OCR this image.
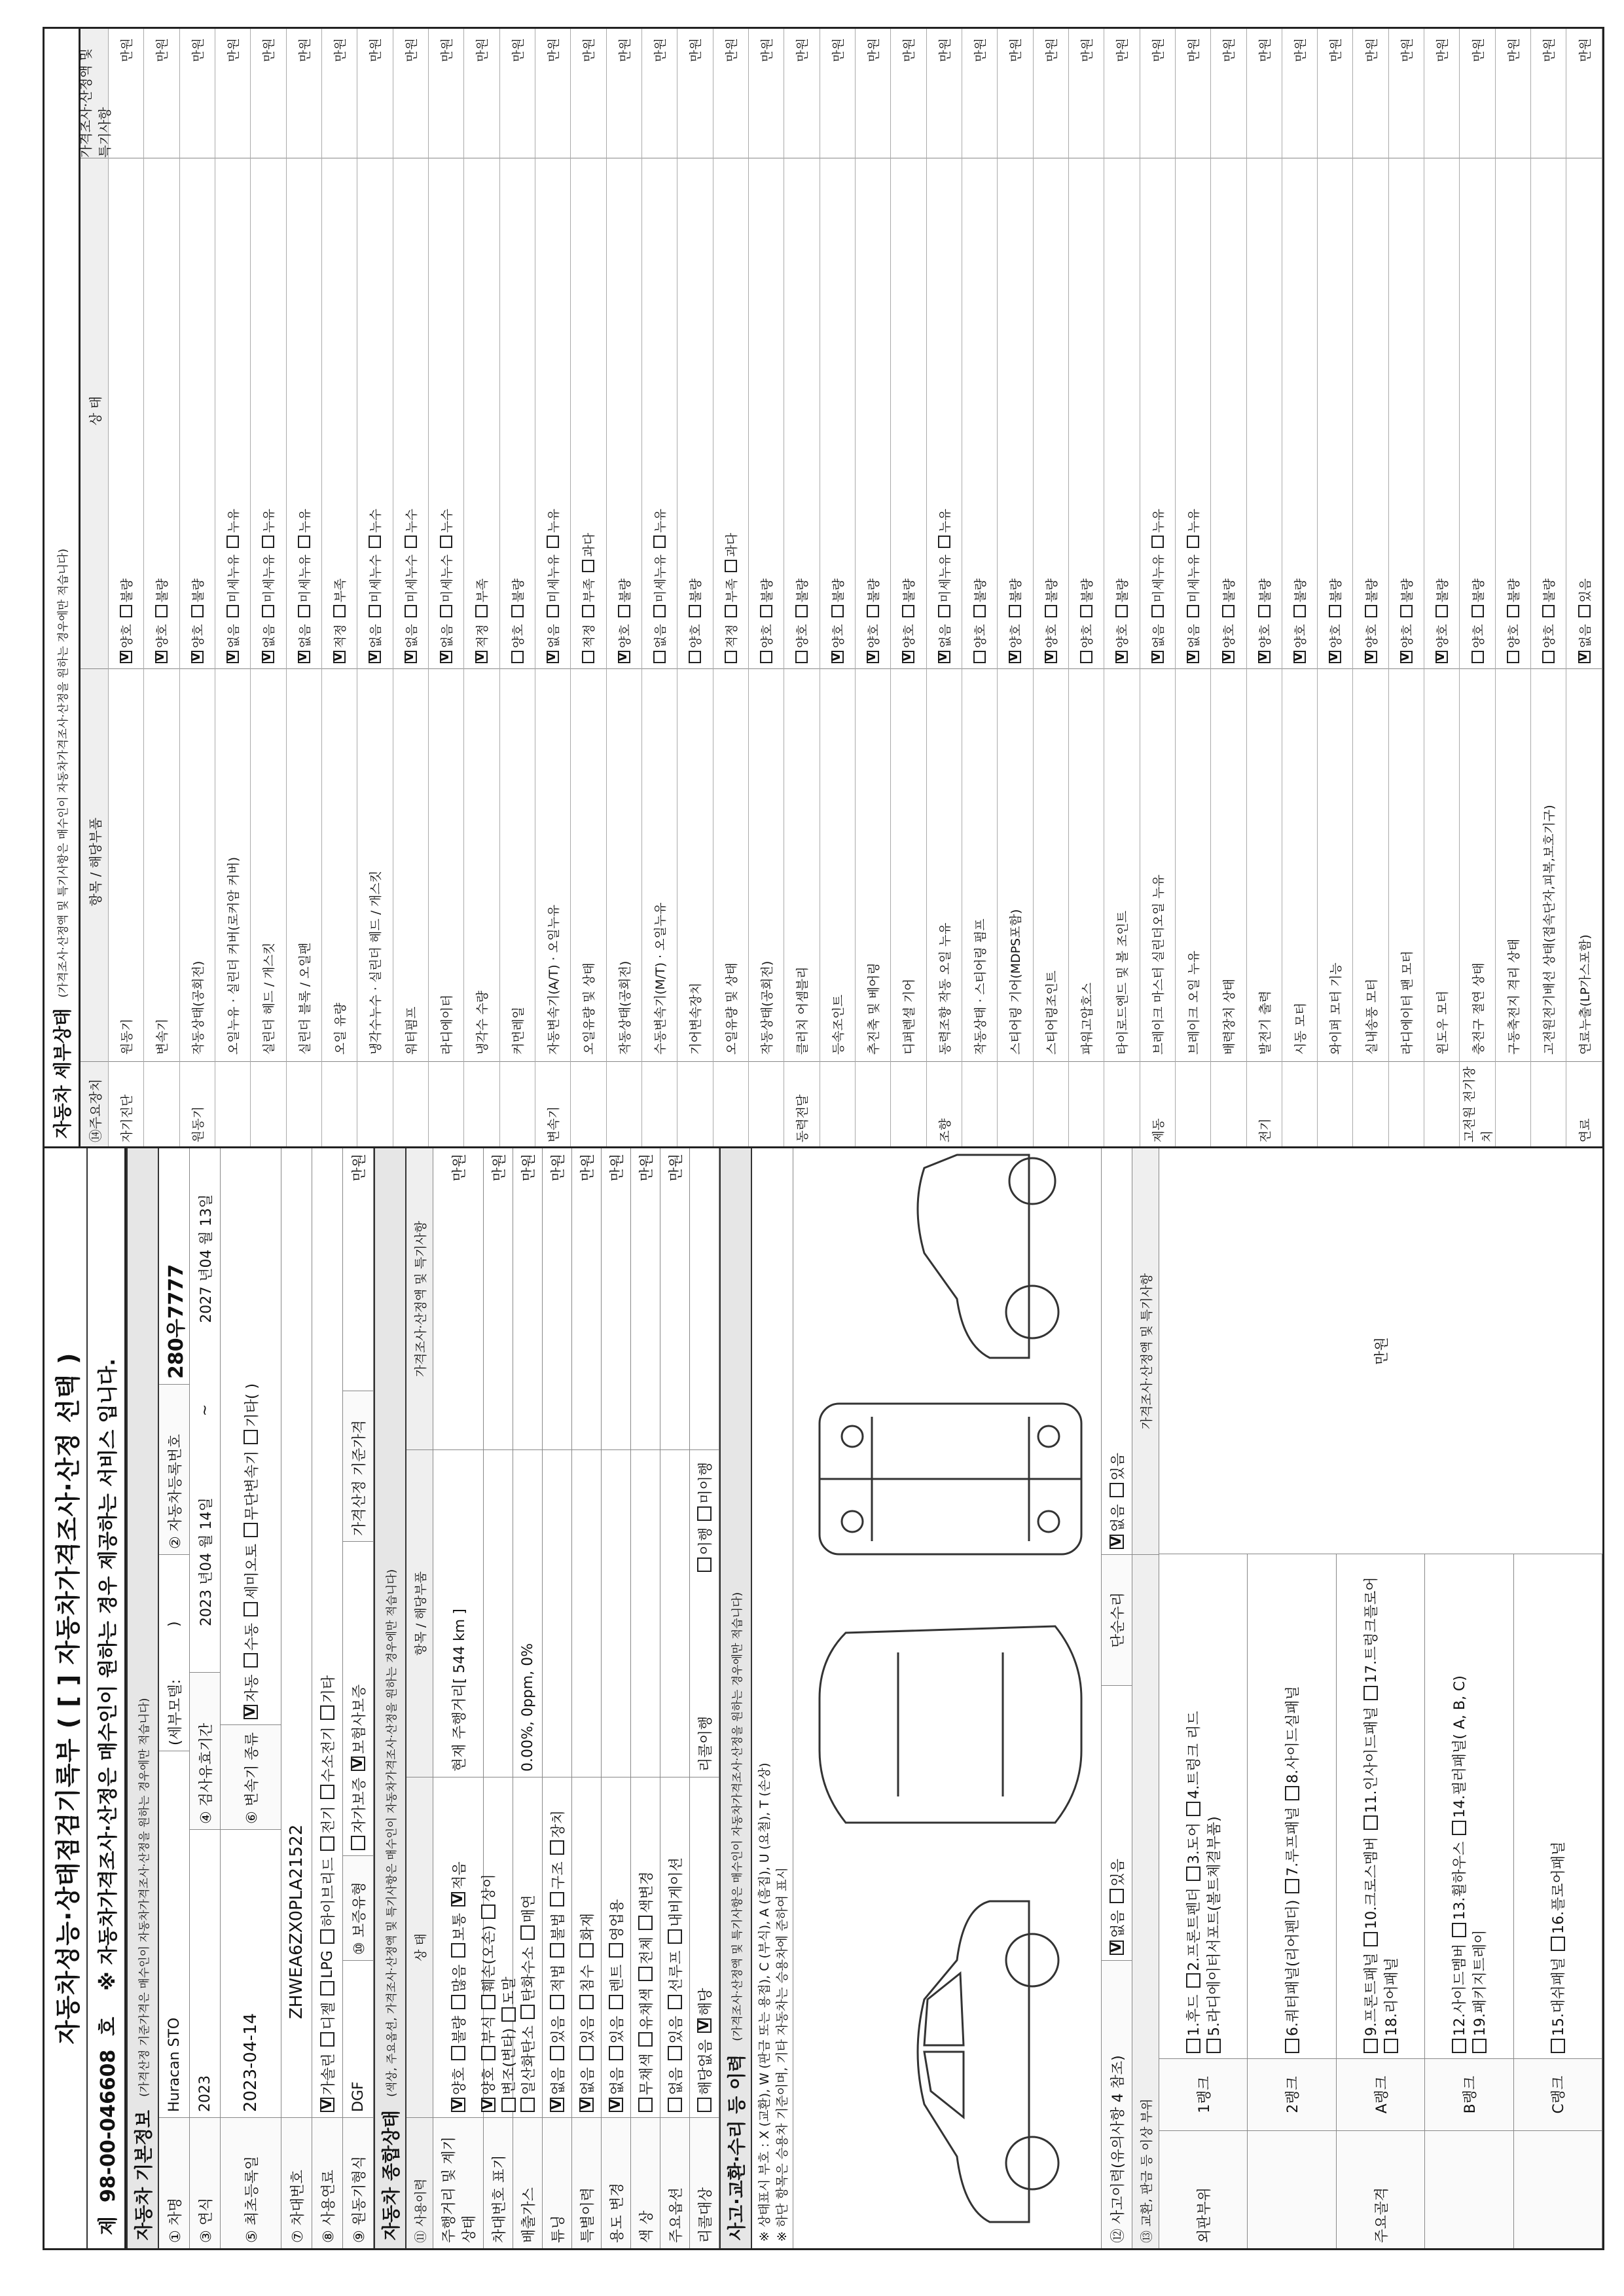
자동차성능·상태점검기록부 ( [ ] 자동차가격조사·산정 선택 )
제  98-00-046608  호
※ 자동차가격조사·산정은 매수인이 원하는 경우 제공하는 서비스 입니다.
자동차 기본정보
(가격산정 기준가격은 매수인이 자동차가격조사·산정을 원하는 경우에만 적습니다)
① 차명
Huracan STO
(세부모델:
)
② 자동차등록번호
280우7777
③ 연식
2023
④ 검사유효기간
2023 년04 월 14일
~
2027 년04 월 13일
⑤ 최초등록일
2023-04-14
⑥ 변속기 종류
V
자동
수동
세미오토
무단변속기
기타( )
⑦ 차대번호
ZHWEA6ZX0PLA21522
⑧ 사용연료
V
가솔린
디젤
LPG
하이브리드
전기
수소전기
기타
⑨ 원동기형식
DGF
⑩ 보증유형
자가보증
V
보험사보증
가격산정 기준가격
만원
자동차 종합상태
(색상, 주요옵션, 가격조사·산정액 및 특기사항은 매수인이 자동차가격조사·산정을 원하는 경우에만 적습니다)
⑪ 사용이력
상 태
항목 / 해당부품
가격조사·산정액 및 특기사항
주행거리 및 계기상태
V
양호
불량
많음
보통
V
적음
현재 주행거리[ 544 km ]
만원
차대번호 표기
V
양호
부식
훼손(오손)
상이
변조(변타)
도말
만원
배출가스
일산화탄소
탄화수소
매연
0.00%, 0ppm, 0%
만원
튜닝
V
없음
있음
적법
불법
구조
장치
만원
특별이력
V
없음
있음
침수
화재
만원
용도 변경
V
없음
있음
렌트
영업용
만원
색 상
무채색
유채색
전체
색변경
만원
주요옵션
없음
있음
선루프
내비게이션
만원
리콜대상
해당없음
V
해당
리콜이행
이행
미이행
사고·교환·수리 등 이력
(가격조사·산정액 및 특기사항은 매수인이 자동차가격조사·산정을 원하는 경우에만 적습니다) ※ 상태표시 부호 : X (교환), W (판금 또는 용접), C (부식), A (흠집), U (요철), T (손상) ※ 하단 항목은 승용차 기준이며, 기타 자동차는 승용차에 준하여 표시	⑫ 사고이력(유의사항 4 참조)
V
없음
있음
단순수리
V
없음
있음
⑬ 교환, 판금 등 이상 부위
가격조사·산정액 및 특기사항
외판부위
1랭크
1.후드
2.프론트펜더
3.도어
4.트렁크 리드
5.라디에이터서포트(볼트체결부품)
2랭크
6.쿼터패널(리어펜더)
7.루프패널
8.사이드실패널
주요골격
A랭크
9.프론트패널
10.크로스멤버
11.인사이드패널
17.트렁크플로어
18.리어패널
B랭크
12.사이드멤버
13.휠하우스
14.필러패널( A, B, C)
19.패키지트레이
C랭크
15.대쉬패널
16.플로어패널
만원
자동차 세부상태
(가격조사·산정액 및 특기사항은 매수인이 자동차가격조사·산정을 원하는 경우에만 적습니다)
⑭주요장치
항목 / 해당부품
상 태
가격조사·산정액 및 특기사항
자기진단
원동기
V
양호
불량
만원
변속기
V
양호
불량
만원
원동기
작동상태(공회전)
V
양호
불량
만원
오일누유 · 실린더 커버(로커암 커버)
V
없음
미세누유
누유
만원
실린더 헤드 / 개스킷
V
없음
미세누유
누유
만원
실린더 블록 / 오일팬
V
없음
미세누유
누유
만원
오일 유량
V
적정
부족
만원
냉각수누수 · 실린더 헤드 / 개스킷
V
없음
미세누수
누수
만원
워터펌프
V
없음
미세누수
누수
만원
라디에이터
V
없음
미세누수
누수
만원
냉각수 수량
V
적정
부족
만원
커먼레일
양호
불량
만원
변속기
자동변속기(A/T) · 오일누유
V
없음
미세누유
누유
만원
오일유량 및 상태
적정
부족
과다
만원
작동상태(공회전)
V
양호
불량
만원
수동변속기(M/T) · 오일누유
없음
미세누유
누유
만원
기어변속장치
양호
불량
만원
오일유량 및 상태
적정
부족
과다
만원
작동상태(공회전)
양호
불량
만원
동력전달
클러치 어셈블리
양호
불량
만원
등속조인트
V
양호
불량
만원
추진축 및 베어링
V
양호
불량
만원
디퍼렌셜 기어
V
양호
불량
만원
조향
동력조향 작동 오일 누유
V
없음
미세누유
누유
만원
작동상태 · 스티어링 펌프
양호
불량
만원
스티어링 기어(MDPS포함)
V
양호
불량
만원
스티어링조인트
V
양호
불량
만원
파워고압호스
양호
불량
만원
타이로드엔드 및 볼 조인트
V
양호
불량
만원
제동
브레이크 마스터 실린더오일 누유
V
없음
미세누유
누유
만원
브레이크 오일 누유
V
없음
미세누유
누유
만원
배력장치 상태
V
양호
불량
만원
전기
발전기 출력
V
양호
불량
만원
시동 모터
V
양호
불량
만원
와이퍼 모터 기능
V
양호
불량
만원
실내송풍 모터
V
양호
불량
만원
라디에이터 팬 모터
V
양호
불량
만원
윈도우 모터
V
양호
불량
만원
고전원 전기장치
충전구 절연 상태
양호
불량
만원
구동축전지 격리 상태
양호
불량
만원
고전원전기배선 상태(접속단자,피복,보호기구)
양호
불량
만원
연료
연료누출(LP가스포함)
V
없음
있음
만원
